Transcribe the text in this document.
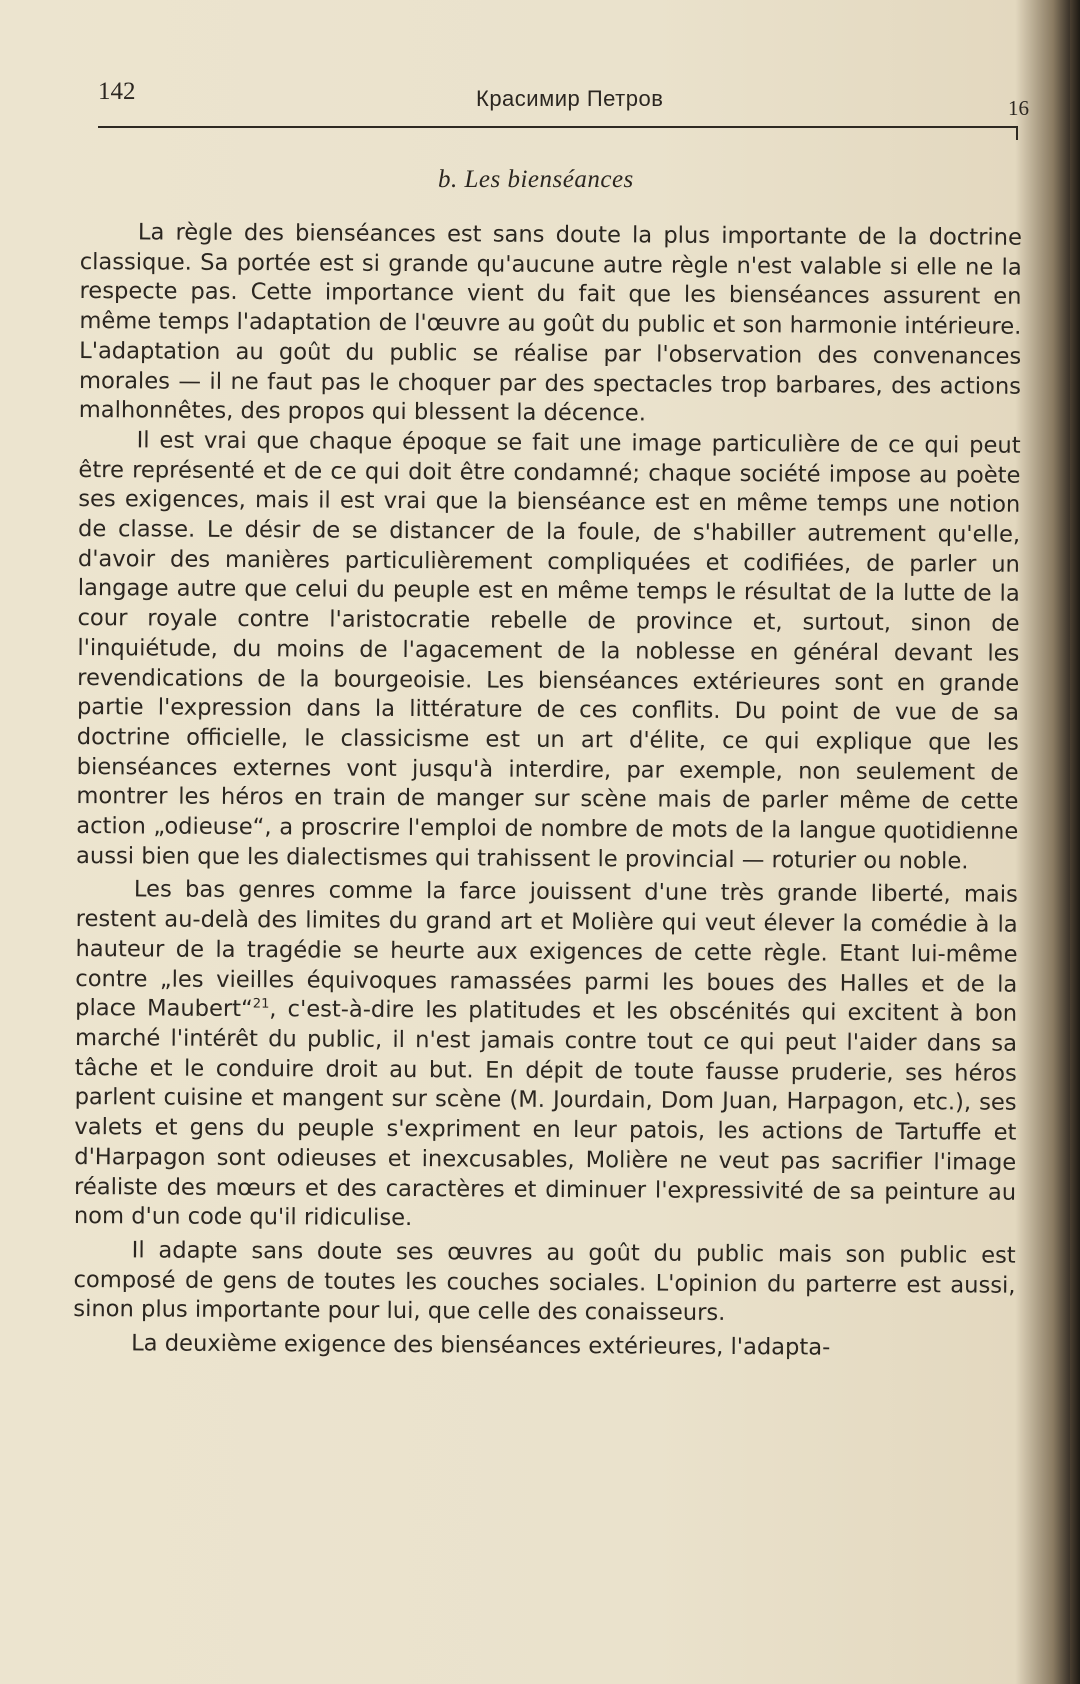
142	Красимир Петров	16
b. Les bienséances

La règle des bienséances est sans doute la plus importante de la doctrine classique. Sa portée est si grande qu'aucune autre règle n'est valable si elle ne la respecte pas. Cette importance vient du fait que les bienséances assurent en même temps l'adaptation de l'œuvre au goût du public et son harmonie intérieure. L'adaptation au goût du public se réalise par l'observation des convenances morales — il ne faut pas le choquer par des spectacles trop barbares, des actions malhonnêtes, des propos qui blessent la décence.

Il est vrai que chaque époque se fait une image particulière de ce qui peut être représenté et de ce qui doit être condamné; chaque société impose au poète ses exigences, mais il est vrai que la bienséance est en même temps une notion de classe. Le désir de se distancer de la foule, de s'habiller autrement qu'elle, d'avoir des manières particulièrement compliquées et codifiées, de parler un langage autre que celui du peuple est en même temps le résultat de la lutte de la cour royale contre l'aristocratie rebelle de province et, surtout, sinon de l'inquiétude, du moins de l'agacement de la noblesse en général devant les revendications de la bourgeoisie. Les bienséances extérieures sont en grande partie l'expression dans la littérature de ces conflits. Du point de vue de sa doctrine officielle, le classicisme est un art d'élite, ce qui explique que les bienséances externes vont jusqu'à interdire, par exemple, non seulement de montrer les héros en train de manger sur scène mais de parler même de cette action „odieuse“, a proscrire l'emploi de nombre de mots de la langue quotidienne aussi bien que les dialectismes qui trahissent le provincial — roturier ou noble.

Les bas genres comme la farce jouissent d'une très grande liberté, mais restent au-delà des limites du grand art et Molière qui veut élever la comédie à la hauteur de la tragédie se heurte aux exigences de cette règle. Etant lui-même contre „les vieilles équivoques ramassées parmi les boues des Halles et de la place Maubert“$^{21}$, c'est-à-dire les platitudes et les obscénités qui excitent à bon marché l'intérêt du public, il n'est jamais contre tout ce qui peut l'aider dans sa tâche et le conduire droit au but. En dépit de toute fausse pruderie, ses héros parlent cuisine et mangent sur scène (M. Jourdain, Dom Juan, Harpagon, etc.), ses valets et gens du peuple s'expriment en leur patois, les actions de Tartuffe et d'Harpagon sont odieuses et inexcusables, Molière ne veut pas sacrifier l'image réaliste des mœurs et des caractères et diminuer l'expressivité de sa peinture au nom d'un code qu'il ridiculise.

Il adapte sans doute ses œuvres au goût du public mais son public est composé de gens de toutes les couches sociales. L'opinion du parterre est aussi, sinon plus importante pour lui, que celle des conaisseurs.

La deuxième exigence des bienséances extérieures, l'adapta-
